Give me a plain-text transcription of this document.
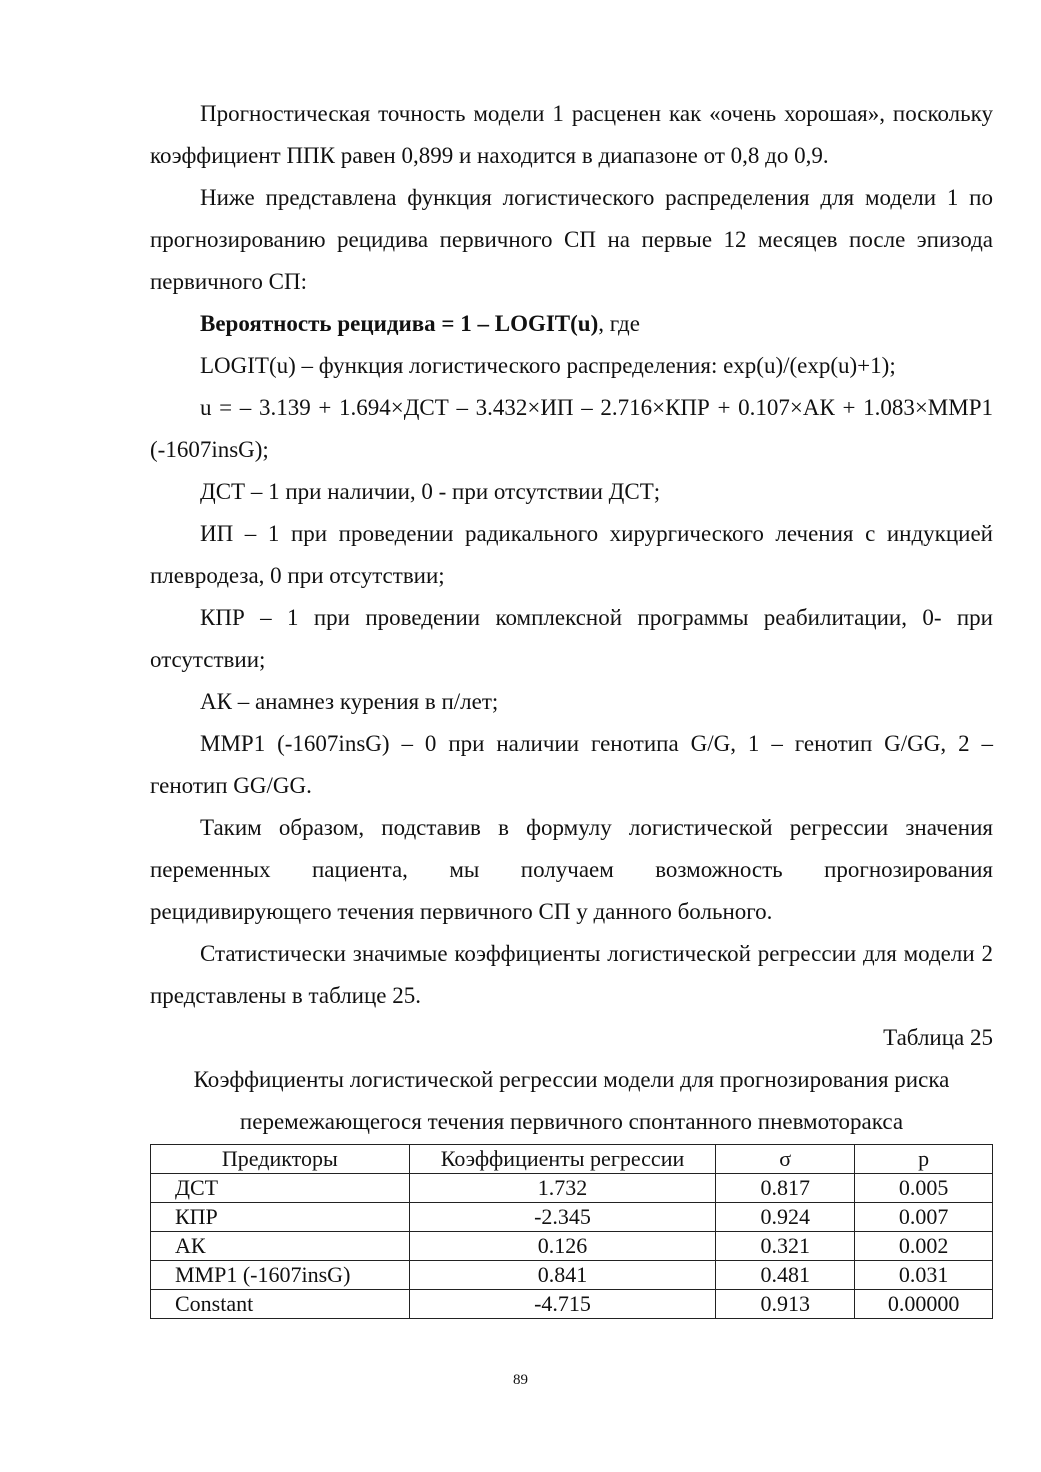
Прогностическая точность модели 1 расценен как «очень хорошая», поскольку коэффициент ППК равен 0,899 и находится в диапазоне от 0,8 до 0,9.

Ниже представлена функция логистического распределения для модели 1 по прогнозированию рецидива первичного СП на первые 12 месяцев после эпизода первичного СП:

Вероятность рецидива = 1 – LOGIT(u), где

LOGIT(u) – функция логистического распределения: exp(u)/(exp(u)+1);

u = – 3.139 + 1.694×ДСТ – 3.432×ИП – 2.716×КПР + 0.107×АК + 1.083×MMP1 (-1607insG);

ДСТ – 1 при наличии, 0 - при отсутствии ДСТ;

ИП – 1 при проведении радикального хирургического лечения с индукцией плевродеза, 0 при отсутствии;

КПР – 1 при проведении комплексной программы реабилитации, 0- при отсутствии;

АК – анамнез курения в п/лет;

MMP1 (-1607insG) – 0 при наличии генотипа G/G, 1 – генотип G/GG, 2 – генотип GG/GG.

Таким образом, подставив в формулу логистической регрессии значения переменных пациента, мы получаем возможность прогнозирования рецидивирующего течения первичного СП у данного больного.

Статистически значимые коэффициенты логистической регрессии для модели 2 представлены в таблице 25.

Таблица 25

Коэффициенты логистической регрессии модели для прогнозирования риска

перемежающегося течения первичного спонтанного пневмоторакса

Предикторы	Коэффициенты регрессии	σ	p
ДСТ	1.732	0.817	0.005
КПР	-2.345	0.924	0.007
АК	0.126	0.321	0.002
MMP1 (-1607insG)	0.841	0.481	0.031
Constant	-4.715	0.913	0.00000
89
